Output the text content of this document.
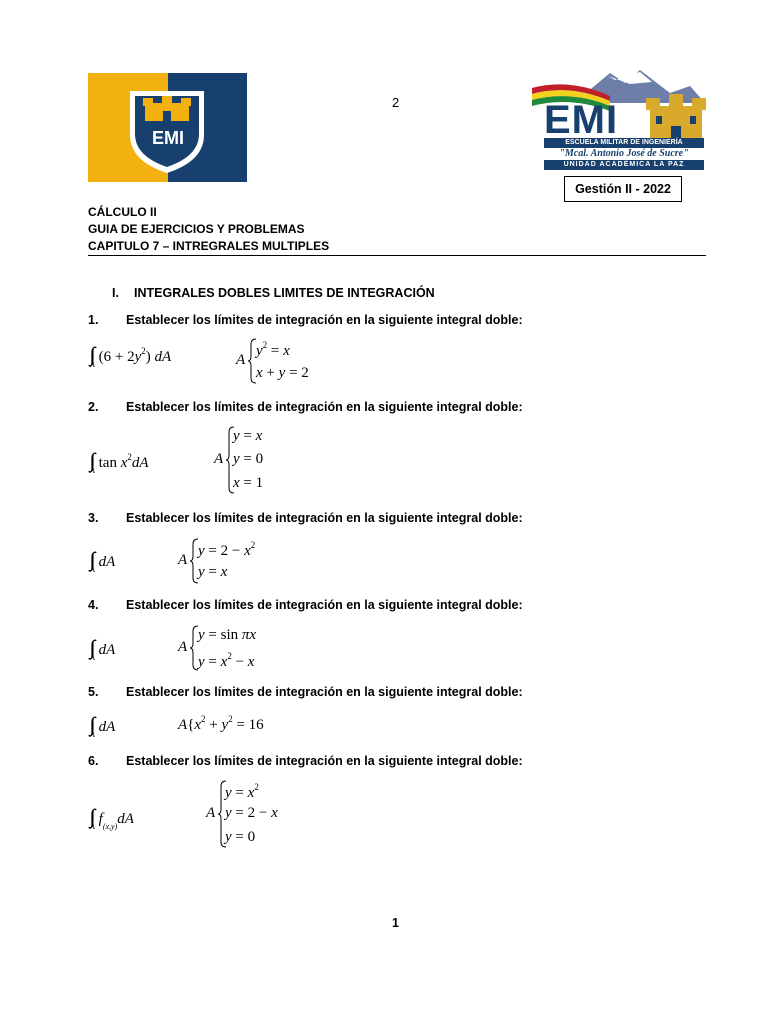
2
EMI	EMI
ESCUELA MILITAR DE INGENIERÍA
"Mcal. Antonio José de Sucre"
UNIDAD ACADÉMICA LA PAZ
Gestión II - 2022
CÁLCULO II
GUIA DE EJERCICIOS Y PROBLEMAS
CAPITULO 7 – INTREGRALES MULTIPLES
I. INTEGRALES DOBLES LIMITES DE INTEGRACIÓN
1. Establecer los límites de integración en la siguiente integral doble:
$_A$ $(6 + 2y^2)$ dA	A
$y^2 = x$
x + y = 2
2. Establecer los límites de integración en la siguiente integral doble:
$_A$ $\tan x^2dA$	A
y = x
y = 0
x = 1
3. Establecer los límites de integración en la siguiente integral doble:
$_A$ dA	A
$y = 2 - x^2$
y = x
4. Establecer los límites de integración en la siguiente integral doble:
$_A$ dA	A
y = sin πx
$y = x^2 - x$
5. Establecer los límites de integración en la siguiente integral doble:
$_A$ dA	$A\{x^2 + y^2 = 16$
6. Establecer los límites de integración en la siguiente integral doble:
$_A$ $f_{(x,y)}dA$	A
$y = x^2$
y = 2 − x
y = 0
1
